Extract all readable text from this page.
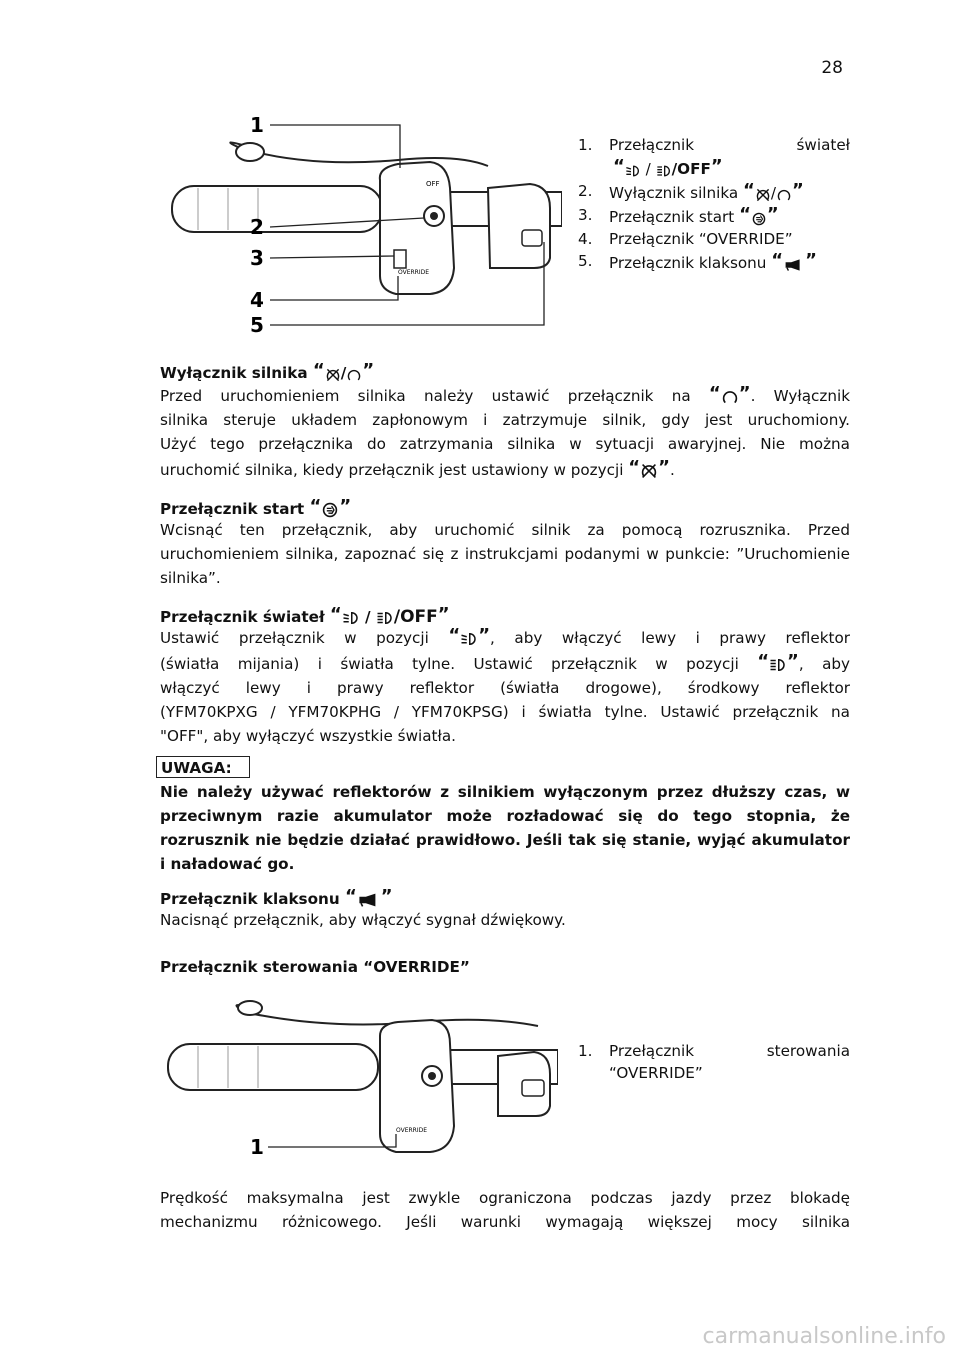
28
OFF
OVERRIDE
1
2
3
4
5
1. Przełącznik	świateł
“ / /OFF”
2. Wyłącznik silnika “ / ”
3. Przełącznik start “ ”
4. Przełącznik “OVERRIDE”
5. Przełącznik klaksonu “ ”
Wyłącznik silnika “ / ”
Przed uruchomieniem silnika należy ustawić przełącznik na “ ”. Wyłącznik
silnika steruje układem zapłonowym i zatrzymuje silnik, gdy jest uruchomiony.
Użyć tego przełącznika do zatrzymania silnika w sytuacji awaryjnej. Nie można
uruchomić silnika, kiedy przełącznik jest ustawiony w pozycji “ ”.
Przełącznik start “ ”

Wcisnąć ten przełącznik, aby uruchomić silnik za pomocą rozrusznika. Przed uruchomieniem silnika, zapoznać się z instrukcjami podanymi w punkcie: ”Uruchomienie silnika”.

Przełącznik świateł “ / /OFF”
Ustawić przełącznik w pozycji “ ”, aby włączyć lewy i prawy reflektor
(światła mijania) i światła tylne. Ustawić przełącznik w pozycji “ ”, aby
włączyć lewy i prawy reflektor (światła drogowe), środkowy reflektor
(YFM70KPXG / YFM70KPHG / YFM70KPSG) i światła tylne. Ustawić przełącznik na
"OFF", aby wyłączyć wszystkie światła.
UWAGA:

Nie należy używać reflektorów z silnikiem wyłączonym przez dłuższy czas, w przeciwnym razie akumulator może rozładować się do tego stopnia, że rozrusznik nie będzie działać prawidłowo. Jeśli tak się stanie, wyjąć akumulator i naładować go.

Przełącznik klaksonu “ ”

Nacisnąć przełącznik, aby włączyć sygnał dźwiękowy.

Przełącznik sterowania “OVERRIDE”
OVERRIDE
1
1. Przełącznik	sterowania
“OVERRIDE”
Prędkość maksymalna jest zwykle ograniczona podczas jazdy przez blokadę
mechanizmu różnicowego. Jeśli warunki wymagają większej mocy silnika
carmanualsonline.info
